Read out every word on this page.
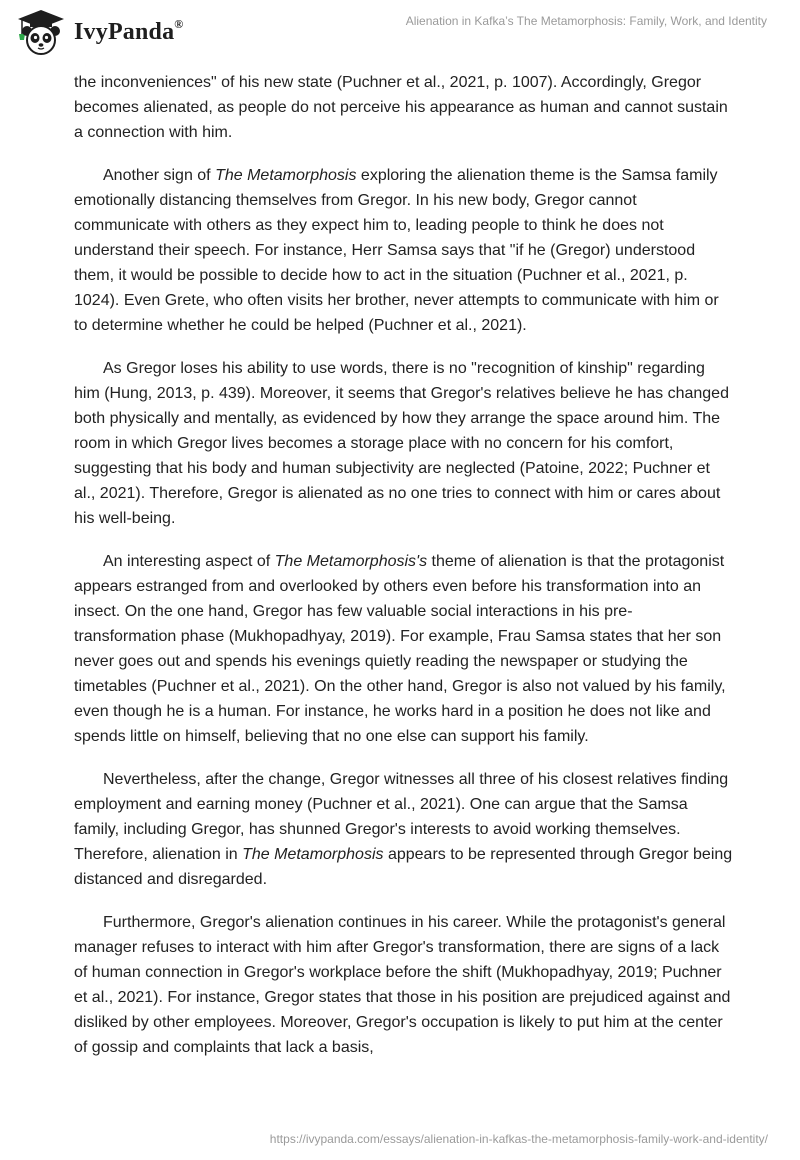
IvyPanda®	Alienation in Kafka’s The Metamorphosis: Family, Work, and Identity

the inconveniences" of his new state (Puchner et al., 2021, p. 1007). Accordingly, Gregor becomes alienated, as people do not perceive his appearance as human and cannot sustain a connection with him.

Another sign of The Metamorphosis exploring the alienation theme is the Samsa family emotionally distancing themselves from Gregor. In his new body, Gregor cannot communicate with others as they expect him to, leading people to think he does not understand their speech. For instance, Herr Samsa says that "if he (Gregor) understood them, it would be possible to decide how to act in the situation (Puchner et al., 2021, p. 1024). Even Grete, who often visits her brother, never attempts to communicate with him or to determine whether he could be helped (Puchner et al., 2021).

As Gregor loses his ability to use words, there is no "recognition of kinship" regarding him (Hung, 2013, p. 439). Moreover, it seems that Gregor's relatives believe he has changed both physically and mentally, as evidenced by how they arrange the space around him. The room in which Gregor lives becomes a storage place with no concern for his comfort, suggesting that his body and human subjectivity are neglected (Patoine, 2022; Puchner et al., 2021). Therefore, Gregor is alienated as no one tries to connect with him or cares about his well-being.

An interesting aspect of The Metamorphosis's theme of alienation is that the protagonist appears estranged from and overlooked by others even before his transformation into an insect. On the one hand, Gregor has few valuable social interactions in his pre-transformation phase (Mukhopadhyay, 2019). For example, Frau Samsa states that her son never goes out and spends his evenings quietly reading the newspaper or studying the timetables (Puchner et al., 2021). On the other hand, Gregor is also not valued by his family, even though he is a human. For instance, he works hard in a position he does not like and spends little on himself, believing that no one else can support his family.

Nevertheless, after the change, Gregor witnesses all three of his closest relatives finding employment and earning money (Puchner et al., 2021). One can argue that the Samsa family, including Gregor, has shunned Gregor's interests to avoid working themselves. Therefore, alienation in The Metamorphosis appears to be represented through Gregor being distanced and disregarded.

Furthermore, Gregor's alienation continues in his career. While the protagonist's general manager refuses to interact with him after Gregor's transformation, there are signs of a lack of human connection in Gregor's workplace before the shift (Mukhopadhyay, 2019; Puchner et al., 2021). For instance, Gregor states that those in his position are prejudiced against and disliked by other employees. Moreover, Gregor's occupation is likely to put him at the center of gossip and complaints that lack a basis,

https://ivypanda.com/essays/alienation-in-kafkas-the-metamorphosis-family-work-and-identity/
